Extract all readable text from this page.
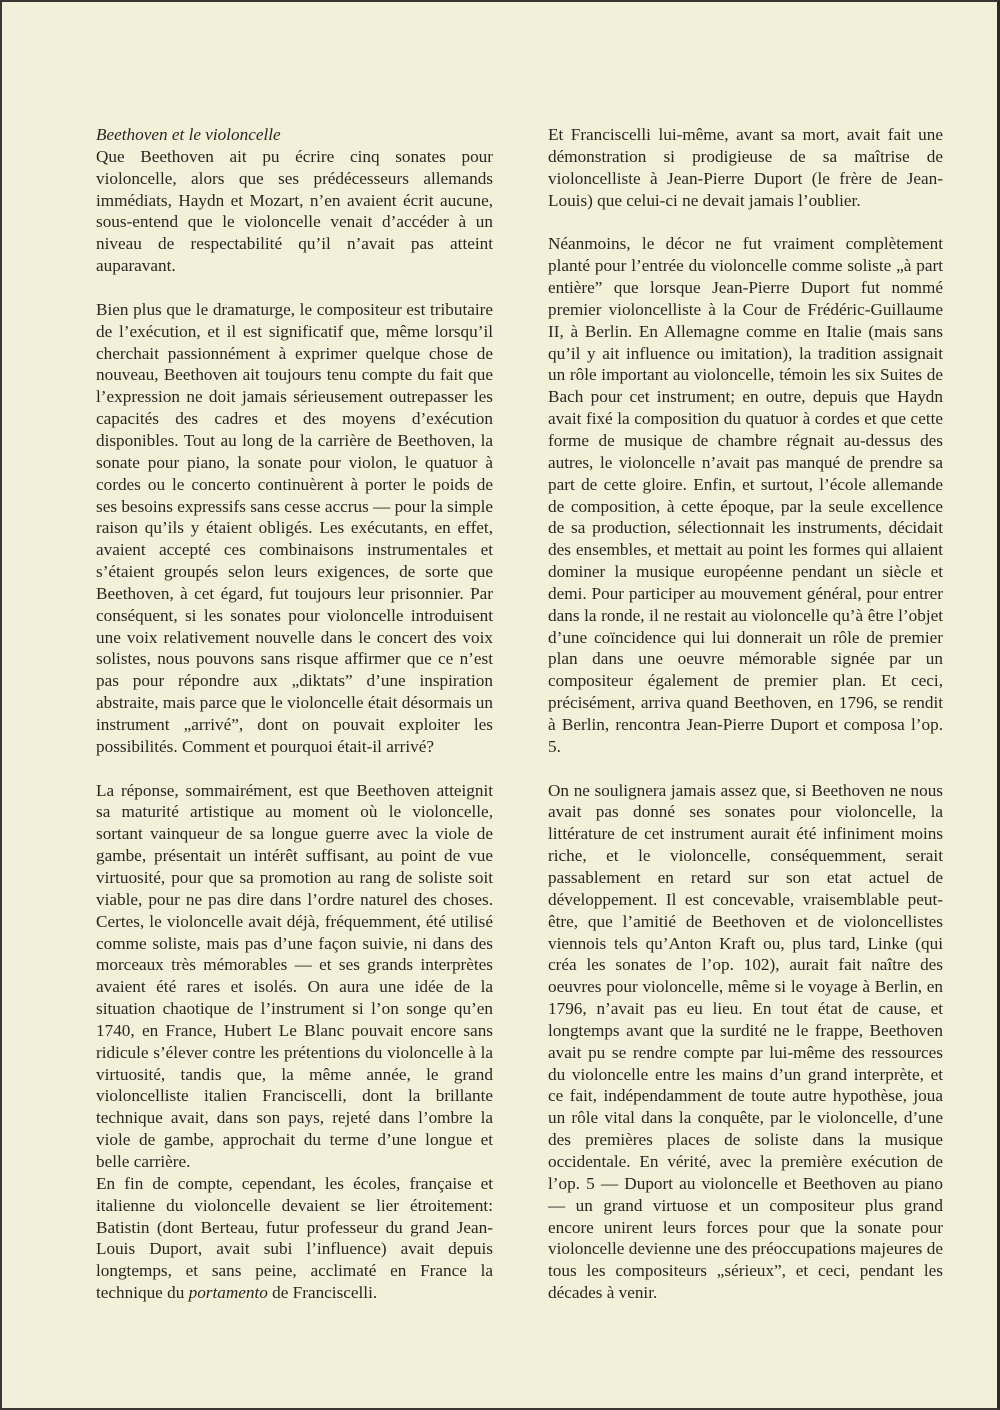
Beethoven et le violoncelle

Que Beethoven ait pu écrire cinq sonates pour violoncelle, alors que ses prédécesseurs allemands immédiats, Haydn et Mozart, n’en avaient écrit aucune, sous-entend que le violoncelle venait d’accéder à un niveau de respectabilité qu’il n’avait pas atteint auparavant.

Bien plus que le dramaturge, le compositeur est tributaire de l’exécution, et il est significatif que, même lorsqu’il cherchait passionnément à exprimer quelque chose de nouveau, Beethoven ait toujours tenu compte du fait que l’expression ne doit jamais sérieusement outrepasser les capacités des cadres et des moyens d’exécution disponibles. Tout au long de la carrière de Beethoven, la sonate pour piano, la sonate pour violon, le quatuor à cordes ou le concerto continuèrent à porter le poids de ses besoins expressifs sans cesse accrus — pour la simple raison qu’ils y étaient obligés. Les exécutants, en effet, avaient accepté ces combinaisons instrumentales et s’étaient groupés selon leurs exigences, de sorte que Beethoven, à cet égard, fut toujours leur prisonnier. Par conséquent, si les sonates pour violoncelle introduisent une voix relativement nouvelle dans le concert des voix solistes, nous pouvons sans risque affirmer que ce n’est pas pour répondre aux „diktats” d’une inspiration abstraite, mais parce que le violoncelle était désormais un instrument „arrivé”, dont on pouvait exploiter les possibilités. Comment et pourquoi était-il arrivé?

La réponse, sommairément, est que Beethoven atteignit sa maturité artistique au moment où le violoncelle, sortant vainqueur de sa longue guerre avec la viole de gambe, présentait un intérêt suffisant, au point de vue virtuosité, pour que sa promotion au rang de soliste soit viable, pour ne pas dire dans l’ordre naturel des choses. Certes, le violoncelle avait déjà, fréquemment, été utilisé comme soliste, mais pas d’une façon suivie, ni dans des morceaux très mémorables — et ses grands interprètes avaient été rares et isolés. On aura une idée de la situation chaotique de l’instrument si l’on songe qu’en 1740, en France, Hubert Le Blanc pouvait encore sans ridicule s’élever contre les prétentions du violoncelle à la virtuosité, tandis que, la même année, le grand violoncelliste italien Franciscelli, dont la brillante technique avait, dans son pays, rejeté dans l’ombre la viole de gambe, approchait du terme d’une longue et belle carrière.

En fin de compte, cependant, les écoles, française et italienne du violoncelle devaient se lier étroitement: Batistin (dont Berteau, futur professeur du grand Jean-Louis Duport, avait subi l’influence) avait depuis longtemps, et sans peine, acclimaté en France la technique du portamento de Franciscelli.

Et Franciscelli lui-même, avant sa mort, avait fait une démonstration si prodigieuse de sa maîtrise de violoncelliste à Jean-Pierre Duport (le frère de Jean-Louis) que celui-ci ne devait jamais l’oublier.

Néanmoins, le décor ne fut vraiment complètement planté pour l’entrée du violoncelle comme soliste „à part entière” que lorsque Jean-Pierre Duport fut nommé premier violoncelliste à la Cour de Frédéric-Guillaume II, à Berlin. En Allemagne comme en Italie (mais sans qu’il y ait influence ou imitation), la tradition assignait un rôle important au violoncelle, témoin les six Suites de Bach pour cet instrument; en outre, depuis que Haydn avait fixé la composition du quatuor à cordes et que cette forme de musique de chambre régnait au-dessus des autres, le violoncelle n’avait pas manqué de prendre sa part de cette gloire. Enfin, et surtout, l’école allemande de composition, à cette époque, par la seule excellence de sa production, sélectionnait les instruments, décidait des ensembles, et mettait au point les formes qui allaient dominer la musique européenne pendant un siècle et demi. Pour participer au mouvement général, pour entrer dans la ronde, il ne restait au violoncelle qu’à être l’objet d’une coïncidence qui lui donnerait un rôle de premier plan dans une oeuvre mémorable signée par un compositeur également de premier plan. Et ceci, précisément, arriva quand Beethoven, en 1796, se rendit à Berlin, rencontra Jean-Pierre Duport et composa l’op. 5.

On ne soulignera jamais assez que, si Beethoven ne nous avait pas donné ses sonates pour violoncelle, la littérature de cet instrument aurait été infiniment moins riche, et le violoncelle, conséquemment, serait passablement en retard sur son etat actuel de développement. Il est concevable, vraisemblable peut-être, que l’amitié de Beethoven et de violoncellistes viennois tels qu’Anton Kraft ou, plus tard, Linke (qui créa les sonates de l’op. 102), aurait fait naître des oeuvres pour violoncelle, même si le voyage à Berlin, en 1796, n’avait pas eu lieu. En tout état de cause, et longtemps avant que la surdité ne le frappe, Beethoven avait pu se rendre compte par lui-même des ressources du violoncelle entre les mains d’un grand interprète, et ce fait, indépendamment de toute autre hypothèse, joua un rôle vital dans la conquête, par le violoncelle, d’une des premières places de soliste dans la musique occidentale. En vérité, avec la première exécution de l’op. 5 — Duport au violoncelle et Beethoven au piano — un grand virtuose et un compositeur plus grand encore unirent leurs forces pour que la sonate pour violoncelle devienne une des préoccupations majeures de tous les compositeurs „sérieux”, et ceci, pendant les décades à venir.
